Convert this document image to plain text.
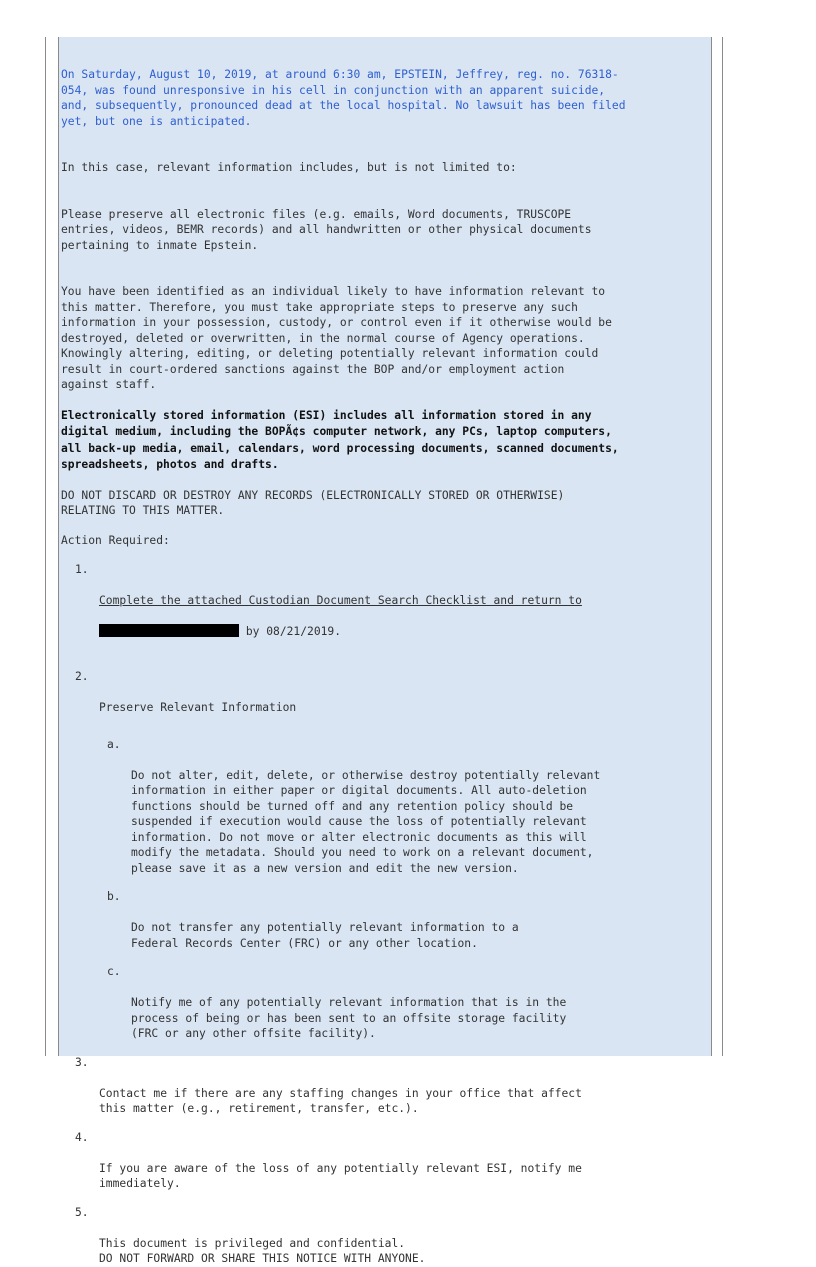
On Saturday, August 10, 2019, at around 6:30 am, EPSTEIN, Jeffrey, reg. no. 76318-
054, was found unresponsive in his cell in conjunction with an apparent suicide,
and, subsequently, pronounced dead at the local hospital. No lawsuit has been filed
yet, but one is anticipated.

In this case, relevant information includes, but is not limited to:

Please preserve all electronic files (e.g. emails, Word documents, TRUSCOPE
entries, videos, BEMR records) and all handwritten or other physical documents
pertaining to inmate Epstein.

You have been identified as an individual likely to have information relevant to
this matter. Therefore, you must take appropriate steps to preserve any such
information in your possession, custody, or control even if it otherwise would be
destroyed, deleted or overwritten, in the normal course of Agency operations.
Knowingly altering, editing, or deleting potentially relevant information could
result in court-ordered sanctions against the BOP and/or employment action
against staff.

Electronically stored information (ESI) includes all information stored in any
digital medium, including the BOPÃ¢s computer network, any PCs, laptop computers,
all back-up media, email, calendars, word processing documents, scanned documents,
spreadsheets, photos and drafts.

DO NOT DISCARD OR DESTROY ANY RECORDS (ELECTRONICALLY STORED OR OTHERWISE)
RELATING TO THIS MATTER.

Action Required:

1.

Complete the attached Custodian Document Search Checklist and return to

by 08/21/2019.

2.

Preserve Relevant Information

a.

Do not alter, edit, delete, or otherwise destroy potentially relevant
information in either paper or digital documents. All auto-deletion
functions should be turned off and any retention policy should be
suspended if execution would cause the loss of potentially relevant
information. Do not move or alter electronic documents as this will
modify the metadata. Should you need to work on a relevant document,
please save it as a new version and edit the new version.

b.

Do not transfer any potentially relevant information to a
Federal Records Center (FRC) or any other location.

c.

Notify me of any potentially relevant information that is in the
process of being or has been sent to an offsite storage facility
(FRC or any other offsite facility).

3.

Contact me if there are any staffing changes in your office that affect
this matter (e.g., retirement, transfer, etc.).

4.

If you are aware of the loss of any potentially relevant ESI, notify me
immediately.

5.

This document is privileged and confidential.
DO NOT FORWARD OR SHARE THIS NOTICE WITH ANYONE.
